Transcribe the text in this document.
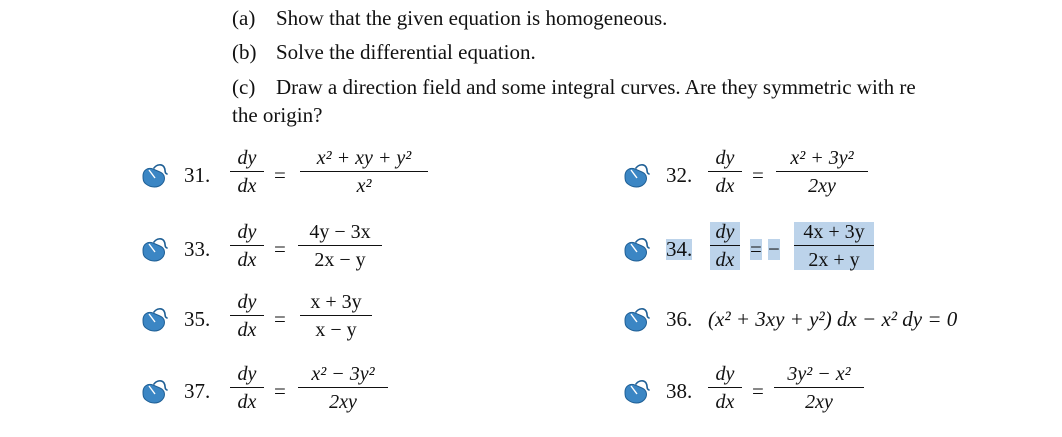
(a) Show that the given equation is homogeneous.
(b) Solve the differential equation.
(c) Draw a direction field and some integral curves. Are they symmetric with re
the origin?
31.
dy
dx =
x² + xy + y²
x²	32.
dy
dx =
x² + 3y²
2xy
33.
dy
dx =
4y − 3x
2x − y	34.
dy
dx = −
4x + 3y
2x + y
35.
dy
dx =
x + 3y
x − y	36. (x² + 3xy + y²) dx − x² dy = 0
37.
dy
dx =
x² − 3y²
2xy	38.
dy
dx =
3y² − x²
2xy
